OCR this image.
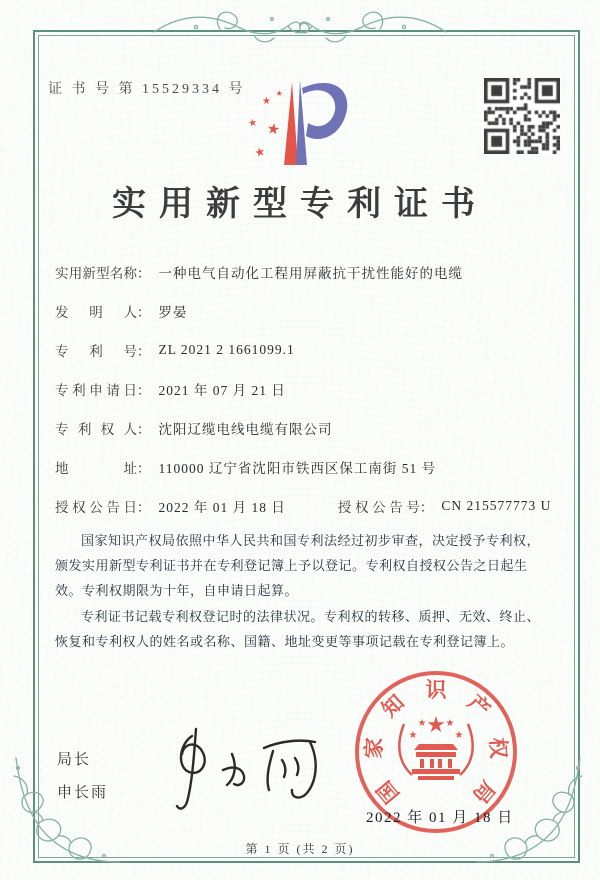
证 书 号 第 15529334 号
★
★
★ ★
★
实用新型专利证书
实用新型名称 ： 一种电气自动化工程用屏蔽抗干扰性能好的电缆
发明人 ： 罗晏
专利号 ： ZL 2021 2 1661099.1
专利申请日 ： 2021 年 07 月 21 日
专利权人 ： 沈阳辽缆电线电缆有限公司
地址 ： 110000 辽宁省沈阳市铁西区保工南街 51 号
授权公告日 ： 2022 年 01 月 18 日	授权公告号 ： CN 215577773 U

国家知识产权局依照中华人民共和国专利法经过初步审查，决定授予专利权，颁发实用新型专利证书并在专利登记簿上予以登记。专利权自授权公告之日起生效。专利权期限为十年，自申请日起算。

专利证书记载专利权登记时的法律状况。专利权的转移、质押、无效、终止、恢复和专利权人的姓名或名称、国籍、地址变更等事项记载在专利登记簿上。

局长
申长雨	国
家
知
识
产
权
局
★
★
★ ★
★
2022 年 01 月 18 日
第 1 页 (共 2 页)
